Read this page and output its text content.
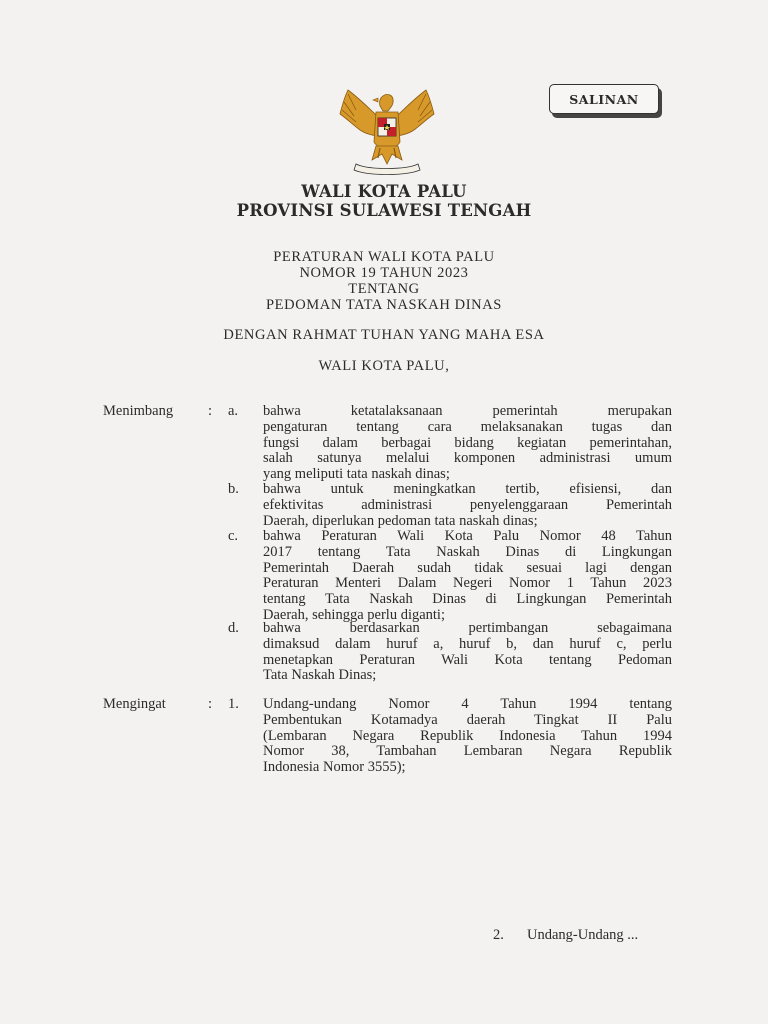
SALINAN
WALI KOTA PALU
PROVINSI SULAWESI TENGAH
PERATURAN WALI KOTA PALU
NOMOR 19 TAHUN 2023
TENTANG
PEDOMAN TATA NASKAH DINAS
DENGAN RAHMAT TUHAN YANG MAHA ESA
WALI KOTA PALU,
Menimbang : a. bahwa ketatalaksanaan pemerintah merupakan
pengaturan tentang cara melaksanakan tugas dan
fungsi dalam berbagai bidang kegiatan pemerintahan,
salah satunya melalui komponen administrasi umum
yang meliputi tata naskah dinas;
b. bahwa untuk meningkatkan tertib, efisiensi, dan
efektivitas administrasi penyelenggaraan Pemerintah
Daerah, diperlukan pedoman tata naskah dinas;
c. bahwa Peraturan Wali Kota Palu Nomor 48 Tahun
2017 tentang Tata Naskah Dinas di Lingkungan
Pemerintah Daerah sudah tidak sesuai lagi dengan
Peraturan Menteri Dalam Negeri Nomor 1 Tahun 2023
tentang Tata Naskah Dinas di Lingkungan Pemerintah
Daerah, sehingga perlu diganti;
d. bahwa berdasarkan pertimbangan sebagaimana
dimaksud dalam huruf a, huruf b, dan huruf c, perlu
menetapkan Peraturan Wali Kota tentang Pedoman
Tata Naskah Dinas;
Mengingat	: 1. Undang-undang Nomor 4 Tahun 1994 tentang
Pembentukan Kotamadya daerah Tingkat II Palu
(Lembaran Negara Republik Indonesia Tahun 1994
Nomor 38, Tambahan Lembaran Negara Republik
Indonesia Nomor 3555);
2. Undang-Undang ...
